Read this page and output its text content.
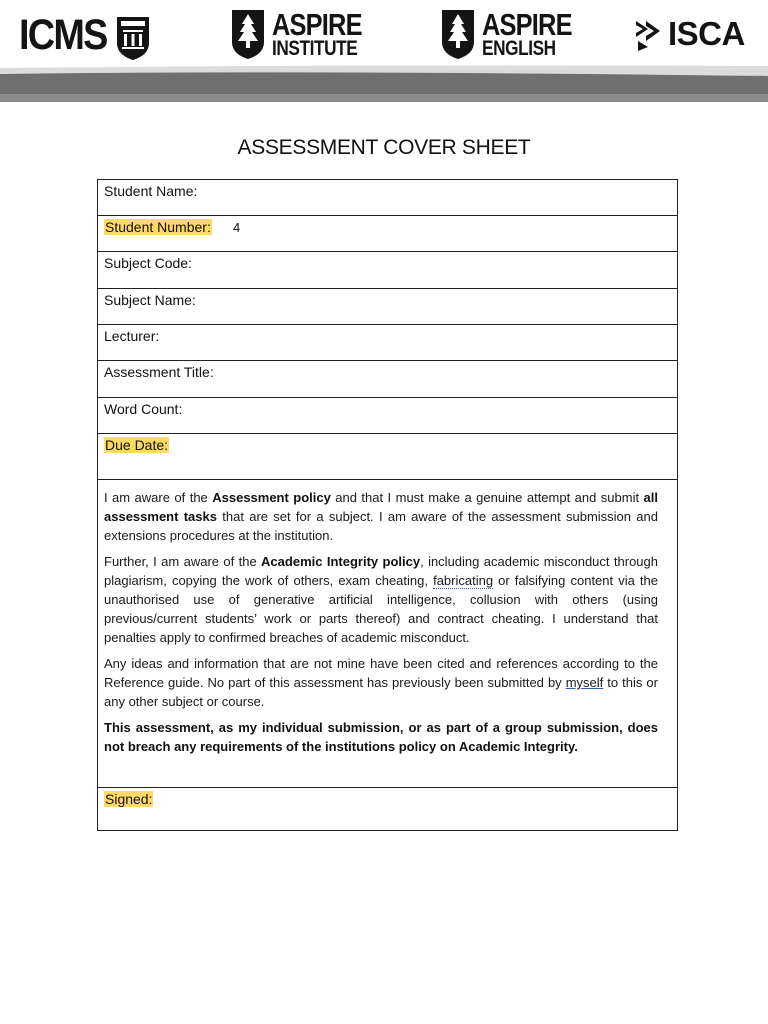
ICMS	ASPIRE
INSTITUTE
ASPIRE
ENGLISH	ISCA
ASSESSMENT COVER SHEET
Student Name:
Student Number: 4
Subject Code:
Subject Name:
Lecturer:
Assessment Title:
Word Count:
Due Date:

I am aware of the Assessment policy and that I must make a genuine attempt and submit all assessment tasks that are set for a subject. I am aware of the assessment submission and extensions procedures at the institution.

Further, I am aware of the Academic Integrity policy, including academic misconduct through plagiarism, copying the work of others, exam cheating, fabricating or falsifying content via the unauthorised use of generative artificial intelligence, collusion with others (using previous/current students’ work or parts thereof) and contract cheating. I understand that penalties apply to confirmed breaches of academic misconduct.

Any ideas and information that are not mine have been cited and references according to the Reference guide. No part of this assessment has previously been submitted by myself to this or any other subject or course.

This assessment, as my individual submission, or as part of a group submission, does not breach any requirements of the institutions policy on Academic Integrity.

Signed:
